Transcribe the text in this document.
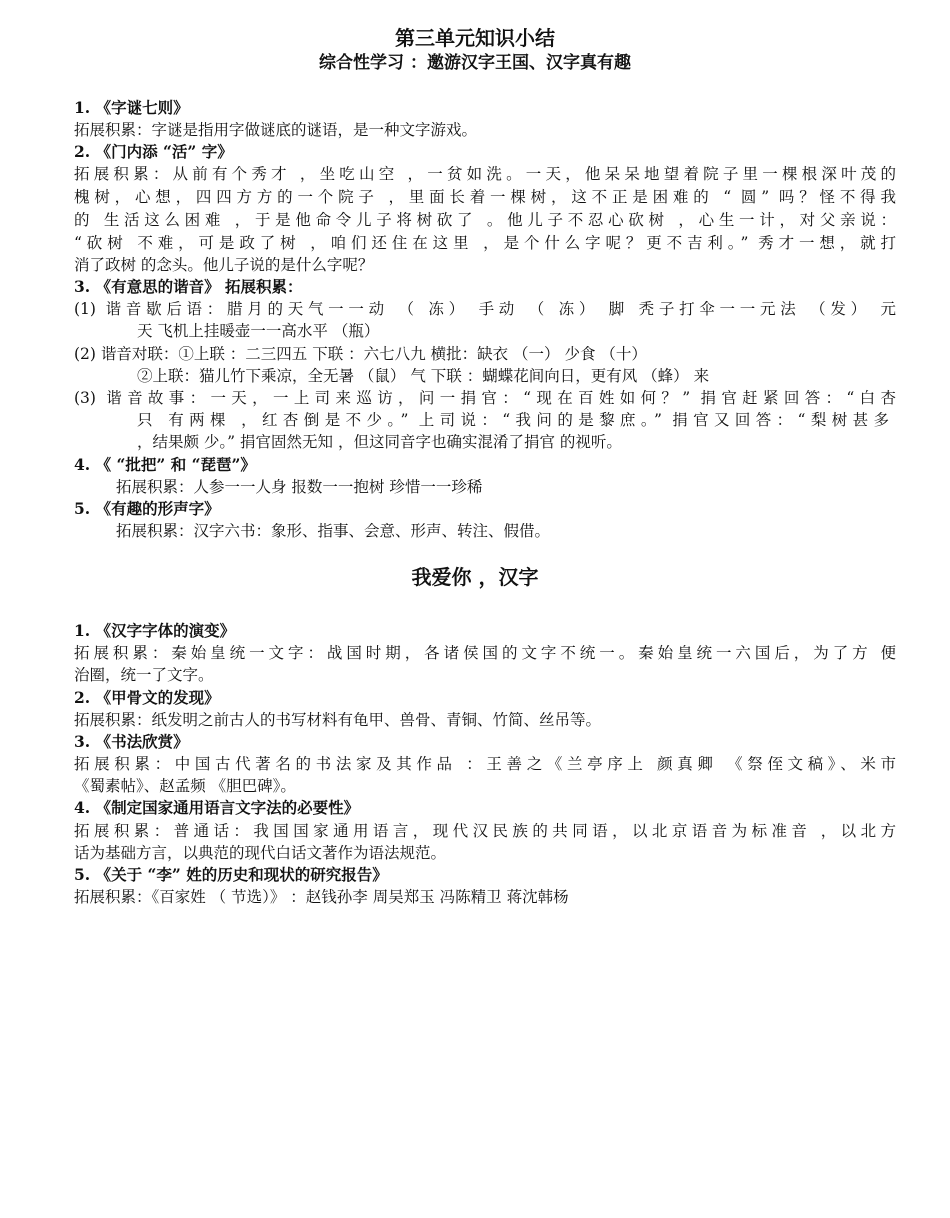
第三单元知识小结
综合性学习 ：邀游汉字王国、汉字真有趣
1. 《字谜七则》
拓展积累：字谜是指用字做谜底的谜语，是一种文字游戏。
2. 《门内添 “活” 字》
拓展积累：从前有个秀才 ，坐吃山空 ，一贫如洗。一天，他呆呆地望着院子里一棵根深叶茂的
槐树，心想，四四方方的一个院子 ，里面长着一棵树，这不正是困难的 “ 圆” 吗？怪不得我
的 生活这么困难 ，于是他命令儿子将树砍了 。他儿子不忍心砍树 ，心生一计，对父亲说：
“砍树 不难，可是政了树 ，咱们还住在这里 ，是个什么字呢？更不吉利。” 秀才一想，就打
消了政树 的念头。他儿子说的是什么字呢？
3. 《有意思的谐音》 拓展积累：
(1) 谐音歇后语：腊月的天气一一动 （ 冻） 手动 （ 冻） 脚 秃子打伞一一元法 （发） 元
天 飞机上挂暖壶一一高水平 （瓶）
(2) 谐音对联：①上联 ：二三四五 下联 ：六七八九 横批：缺衣 （一） 少食 （十）
②上联：猫儿竹下乘凉，全无暑 （鼠） 气 下联 ：蝴蝶花间向日，更有风 （蜂） 来
(3) 谐音故事：一天，一上司来巡访，问一捐官：“现在百姓如何？” 捐官赶紧回答：“白杏
只 有两棵 ，红杏倒是不少。” 上司说：“我问的是黎庶。” 捐官又回答：“梨树甚多
，结果颇 少。” 捐官固然无知 ，但这同音字也确实混淆了捐官 的视听。
4. 《 “批把” 和 “琵琶”》
拓展积累：人参一一人身 报数一一抱树 珍惜一一珍稀
5. 《有趣的形声字》
拓展积累：汉字六书：象形、指事、会意、形声、转注、假借。
我爱你 ，汉字
1. 《汉字字体的演变》
拓展积累：秦始皇统一文字：战国时期，各诸侯国的文字不统一。秦始皇统一六国后，为了方 便
治圈，统一了文字。
2. 《甲骨文的发现》
拓展积累：纸发明之前古人的书写材料有龟甲、兽骨、青铜、竹简、丝吊等。
3. 《书法欣赏》
拓展积累：中国古代著名的书法家及其作品 ：王善之《兰亭序上 颜真卿 《祭侄文稿》、米市
《蜀素帖》、赵孟频 《胆巴碑》。
4. 《制定国家通用语言文字法的必要性》
拓展积累：普通话：我国国家通用语言，现代汉民族的共同语，以北京语音为标准音 ，以北方
话为基础方言，以典范的现代白话文著作为语法规范。
5. 《关于 “李” 姓的历史和现状的研究报告》
拓展积累：《百家姓 （ 节选）》 ：赵钱孙李 周吴郑玉 冯陈精卫 蒋沈韩杨
